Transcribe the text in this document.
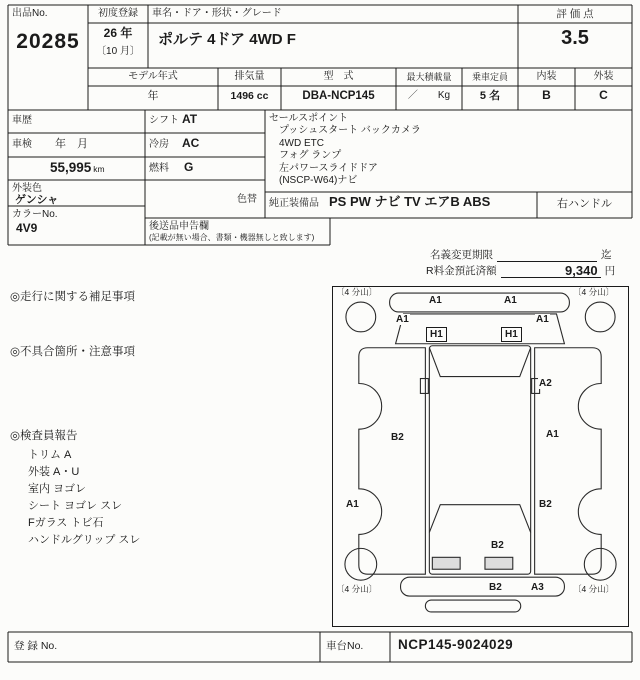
出品No.
20285
初度登録
26 年
〔10 月〕
車名・ドア・形状・グレード
ポルテ 4ドア 4WD F
評 価 点
3.5
モデル年式
年
排気量
1496 cc
型　式
DBA-NCP145
最大積載量
／　　Kg
乗車定員
5 名
内装	外装
B	C
車歴	シフト AT
車検 年　月	冷房 AC
55,995 km	燃料 G
外装色
ゲンシャ	色替
カラーNo.
4V9	後送品申告欄
(記載が無い場合、書類・機器無しと致します)
セールスポイント
プッシュスタート バックカメラ
4WD ETC
フォグ ランプ
左パワースライドドア
(NSCP-W64)ナビ
純正装備品 PS PW ナビ TV エアB ABS	右ハンドル
名義変更期限	迄
R料金預託済額	9,340 円
◎走行に関する補足事項
◎不具合箇所・注意事項
◎検査員報告
トリム A
外装 A・U
室内 ヨゴレ
シート ヨゴレ スレ
Fガラス トビ石
ハンドルグリップ スレ
〔4 分山〕	〔4 分山〕
〔4 分山〕	〔4 分山〕
A1	A1
A1	A1
H1	H1
A2
B2	A1
A1	B2
B2
B2	A3
登 録 No.	車台No.	NCP145-9024029
